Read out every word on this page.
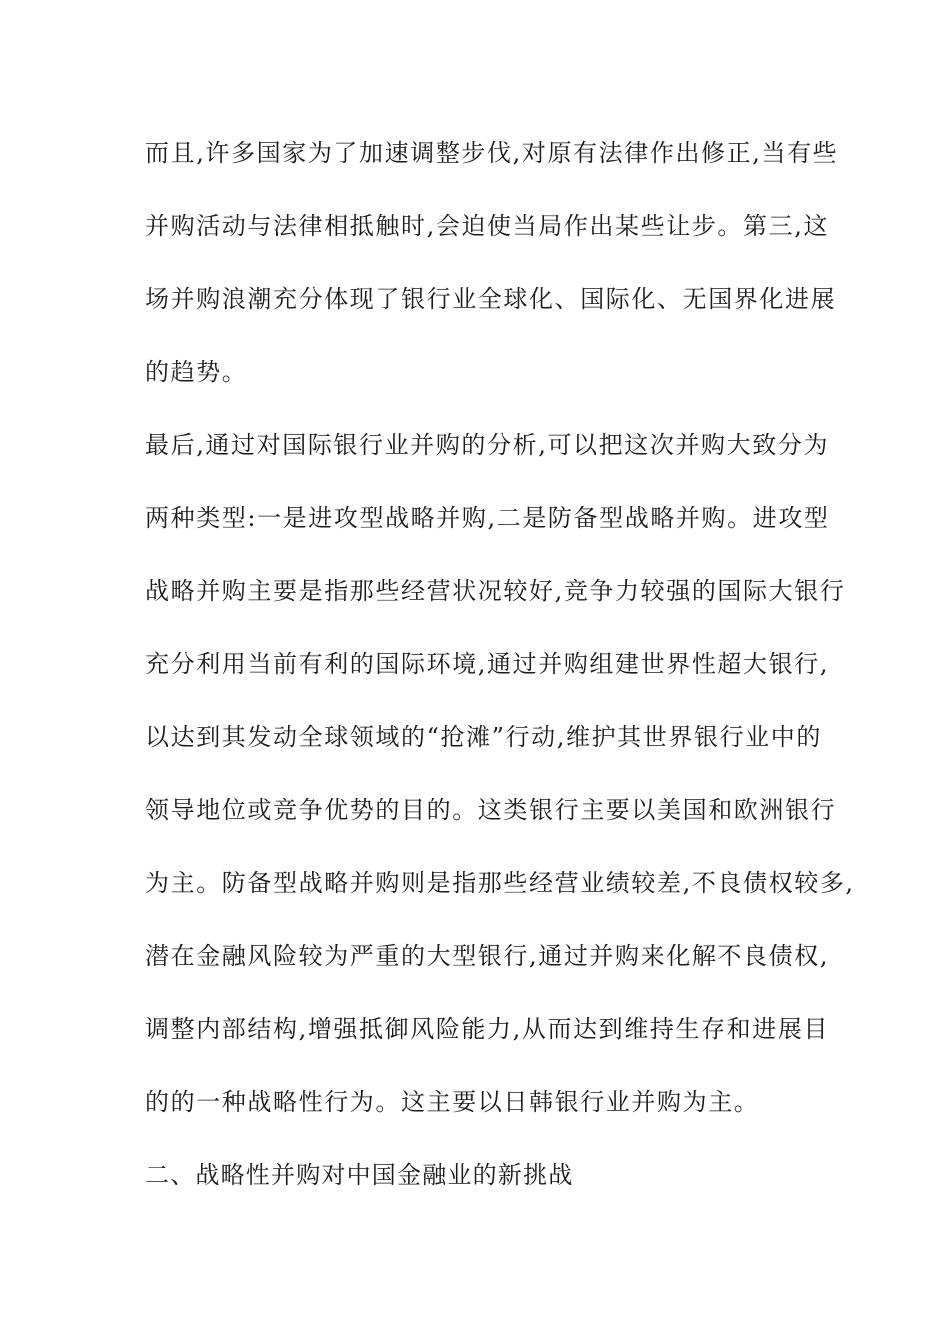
而且,许多国家为了加速调整步伐,对原有法律作出修正,当有些
并购活动与法律相抵触时,会迫使当局作出某些让步。第三,这
场并购浪潮充分体现了银行业全球化、国际化、无国界化进展
的趋势。
最后,通过对国际银行业并购的分析,可以把这次并购大致分为
两种类型:一是进攻型战略并购,二是防备型战略并购。进攻型
战略并购主要是指那些经营状况较好,竞争力较强的国际大银行
充分利用当前有利的国际环境,通过并购组建世界性超大银行,
以达到其发动全球领域的“抢滩”行动,维护其世界银行业中的
领导地位或竞争优势的目的。这类银行主要以美国和欧洲银行
为主。防备型战略并购则是指那些经营业绩较差,不良债权较多,
潜在金融风险较为严重的大型银行,通过并购来化解不良债权,
调整内部结构,增强抵御风险能力,从而达到维持生存和进展目
的的一种战略性行为。这主要以日韩银行业并购为主。
二、战略性并购对中国金融业的新挑战
